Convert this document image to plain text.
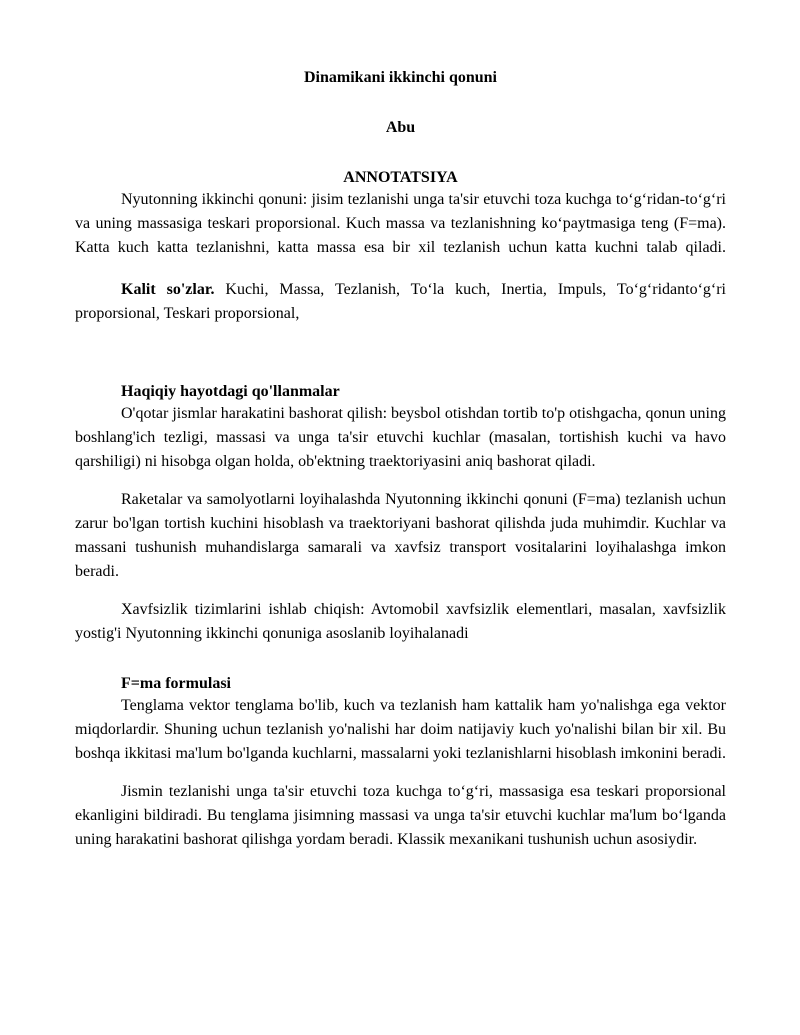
Dinamikani ikkinchi qonuni
Abu
ANNOTATSIYA

Nyutonning ikkinchi qonuni: jisim tezlanishi unga ta'sir etuvchi toza kuchga to‘g‘ridan-to‘g‘ri va uning massasiga teskari proporsional. Kuch massa va tezlanishning ko‘paytmasiga teng (F=ma). Katta kuch katta tezlanishni, katta massa esa bir xil tezlanish uchun katta kuchni talab qiladi.

Kalit so'zlar. Kuchi, Massa, Tezlanish, To‘la kuch, Inertia, Impuls, To‘g‘ridanto‘g‘ri proporsional, Teskari proporsional,

Haqiqiy hayotdagi qo'llanmalar

O'qotar jismlar harakatini bashorat qilish: beysbol otishdan tortib to'p otishgacha, qonun uning boshlang'ich tezligi, massasi va unga ta'sir etuvchi kuchlar (masalan, tortishish kuchi va havo qarshiligi) ni hisobga olgan holda, ob'ektning traektoriyasini aniq bashorat qiladi.

Raketalar va samolyotlarni loyihalashda Nyutonning ikkinchi qonuni (F=ma) tezlanish uchun zarur bo'lgan tortish kuchini hisoblash va traektoriyani bashorat qilishda juda muhimdir. Kuchlar va massani tushunish muhandislarga samarali va xavfsiz transport vositalarini loyihalashga imkon beradi.

Xavfsizlik tizimlarini ishlab chiqish: Avtomobil xavfsizlik elementlari, masalan, xavfsizlik yostig'i Nyutonning ikkinchi qonuniga asoslanib loyihalanadi

F=ma formulasi

Tenglama vektor tenglama bo'lib, kuch va tezlanish ham kattalik ham yo'nalishga ega vektor miqdorlardir. Shuning uchun tezlanish yo'nalishi har doim natijaviy kuch yo'nalishi bilan bir xil. Bu boshqa ikkitasi ma'lum bo'lganda kuchlarni, massalarni yoki tezlanishlarni hisoblash imkonini beradi.

Jismin tezlanishi unga ta'sir etuvchi toza kuchga to‘g‘ri, massasiga esa teskari proporsional ekanligini bildiradi. Bu tenglama jisimning massasi va unga ta'sir etuvchi kuchlar ma'lum bo‘lganda uning harakatini bashorat qilishga yordam beradi. Klassik mexanikani tushunish uchun asosiydir.
